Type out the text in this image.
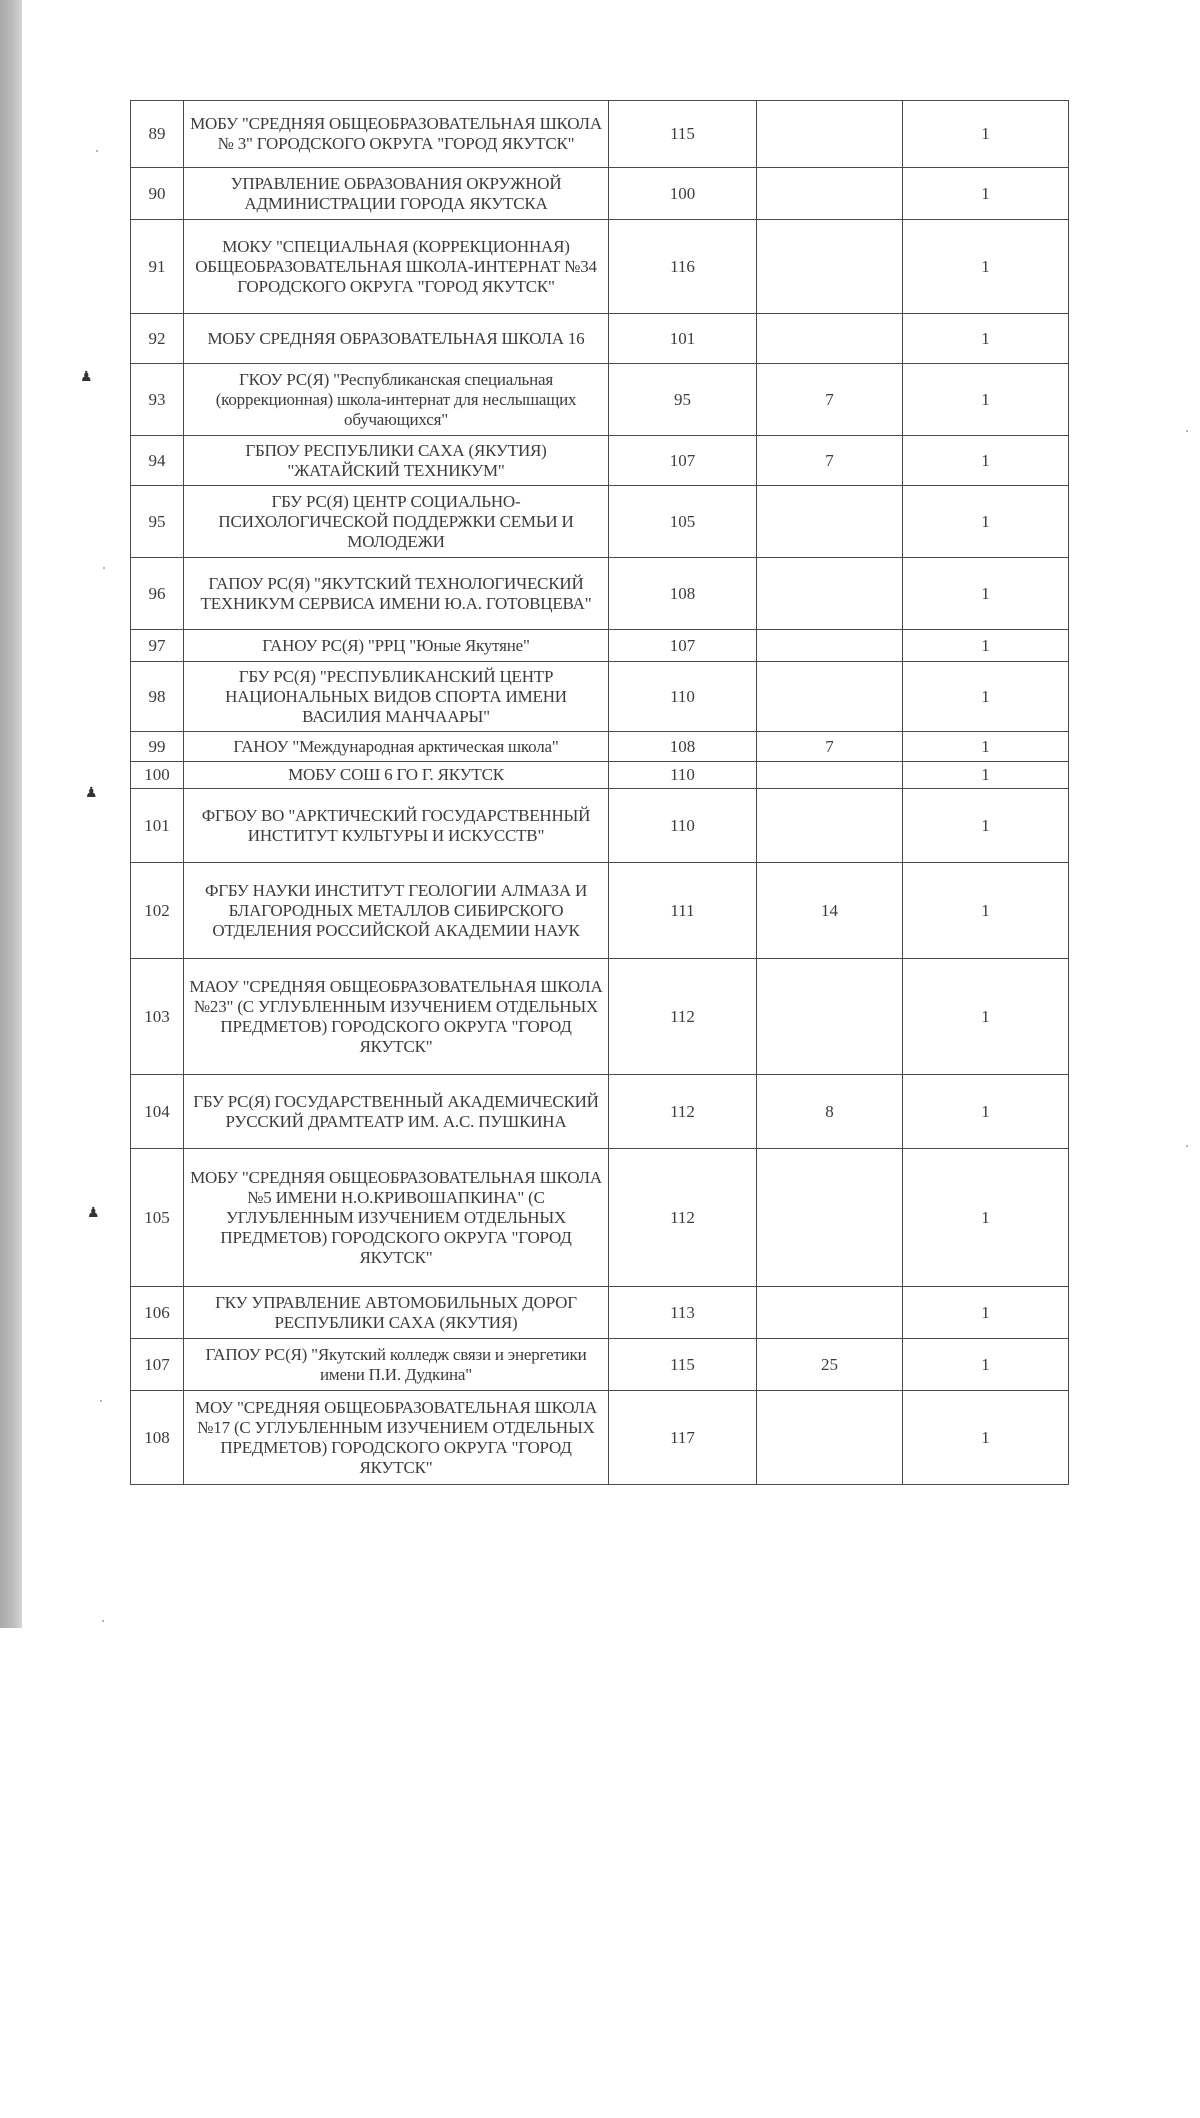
♟
♟
♟
89	МОБУ "СРЕДНЯЯ ОБЩЕОБРАЗОВАТЕЛЬНАЯ ШКОЛА № 3" ГОРОДСКОГО ОКРУГА "ГОРОД ЯКУТСК"	115		1
90	УПРАВЛЕНИЕ ОБРАЗОВАНИЯ ОКРУЖНОЙ АДМИНИСТРАЦИИ ГОРОДА ЯКУТСКА	100		1
91	МОКУ "СПЕЦИАЛЬНАЯ (КОРРЕКЦИОННАЯ) ОБЩЕОБРАЗОВАТЕЛЬНАЯ ШКОЛА-ИНТЕРНАТ №34 ГОРОДСКОГО ОКРУГА "ГОРОД ЯКУТСК"	116		1
92	МОБУ СРЕДНЯЯ ОБРАЗОВАТЕЛЬНАЯ ШКОЛА 16	101		1
93	ГКОУ РС(Я) "Республиканская специальная (коррекционная) школа-интернат для неслышащих обучающихся"	95	7	1
94	ГБПОУ РЕСПУБЛИКИ САХА (ЯКУТИЯ) "ЖАТАЙСКИЙ ТЕХНИКУМ"	107	7	1
95	ГБУ РС(Я) ЦЕНТР СОЦИАЛЬНО-ПСИХОЛОГИЧЕСКОЙ ПОДДЕРЖКИ СЕМЬИ И МОЛОДЕЖИ	105		1
96	ГАПОУ РС(Я) "ЯКУТСКИЙ ТЕХНОЛОГИЧЕСКИЙ ТЕХНИКУМ СЕРВИСА ИМЕНИ Ю.А. ГОТОВЦЕВА"	108		1
97	ГАНОУ РС(Я) "РРЦ "Юные Якутяне"	107		1
98	ГБУ РС(Я) "РЕСПУБЛИКАНСКИЙ ЦЕНТР НАЦИОНАЛЬНЫХ ВИДОВ СПОРТА ИМЕНИ ВАСИЛИЯ МАНЧААРЫ"	110		1
99	ГАНОУ "Международная арктическая школа"	108	7	1
100	МОБУ СОШ 6 ГО Г. ЯКУТСК	110		1
101	ФГБОУ ВО "АРКТИЧЕСКИЙ ГОСУДАРСТВЕННЫЙ ИНСТИТУТ КУЛЬТУРЫ И ИСКУССТВ"	110		1
102	ФГБУ НАУКИ ИНСТИТУТ ГЕОЛОГИИ АЛМАЗА И БЛАГОРОДНЫХ МЕТАЛЛОВ СИБИРСКОГО ОТДЕЛЕНИЯ РОССИЙСКОЙ АКАДЕМИИ НАУК	111	14	1
103	МАОУ "СРЕДНЯЯ ОБЩЕОБРАЗОВАТЕЛЬНАЯ ШКОЛА №23" (С УГЛУБЛЕННЫМ ИЗУЧЕНИЕМ ОТДЕЛЬНЫХ ПРЕДМЕТОВ) ГОРОДСКОГО ОКРУГА "ГОРОД ЯКУТСК"	112		1
104	ГБУ РС(Я) ГОСУДАРСТВЕННЫЙ АКАДЕМИЧЕСКИЙ РУССКИЙ ДРАМТЕАТР ИМ. А.С. ПУШКИНА	112	8	1
105	МОБУ "СРЕДНЯЯ ОБЩЕОБРАЗОВАТЕЛЬНАЯ ШКОЛА №5 ИМЕНИ Н.О.КРИВОШАПКИНА" (С УГЛУБЛЕННЫМ ИЗУЧЕНИЕМ ОТДЕЛЬНЫХ ПРЕДМЕТОВ) ГОРОДСКОГО ОКРУГА "ГОРОД ЯКУТСК"	112		1
106	ГКУ УПРАВЛЕНИЕ АВТОМОБИЛЬНЫХ ДОРОГ РЕСПУБЛИКИ САХА (ЯКУТИЯ)	113		1
107	ГАПОУ РС(Я) "Якутский колледж связи и энергетики имени П.И. Дудкина"	115	25	1
108	МОУ "СРЕДНЯЯ ОБЩЕОБРАЗОВАТЕЛЬНАЯ ШКОЛА №17 (С УГЛУБЛЕННЫМ ИЗУЧЕНИЕМ ОТДЕЛЬНЫХ ПРЕДМЕТОВ) ГОРОДСКОГО ОКРУГА "ГОРОД ЯКУТСК"	117		1
